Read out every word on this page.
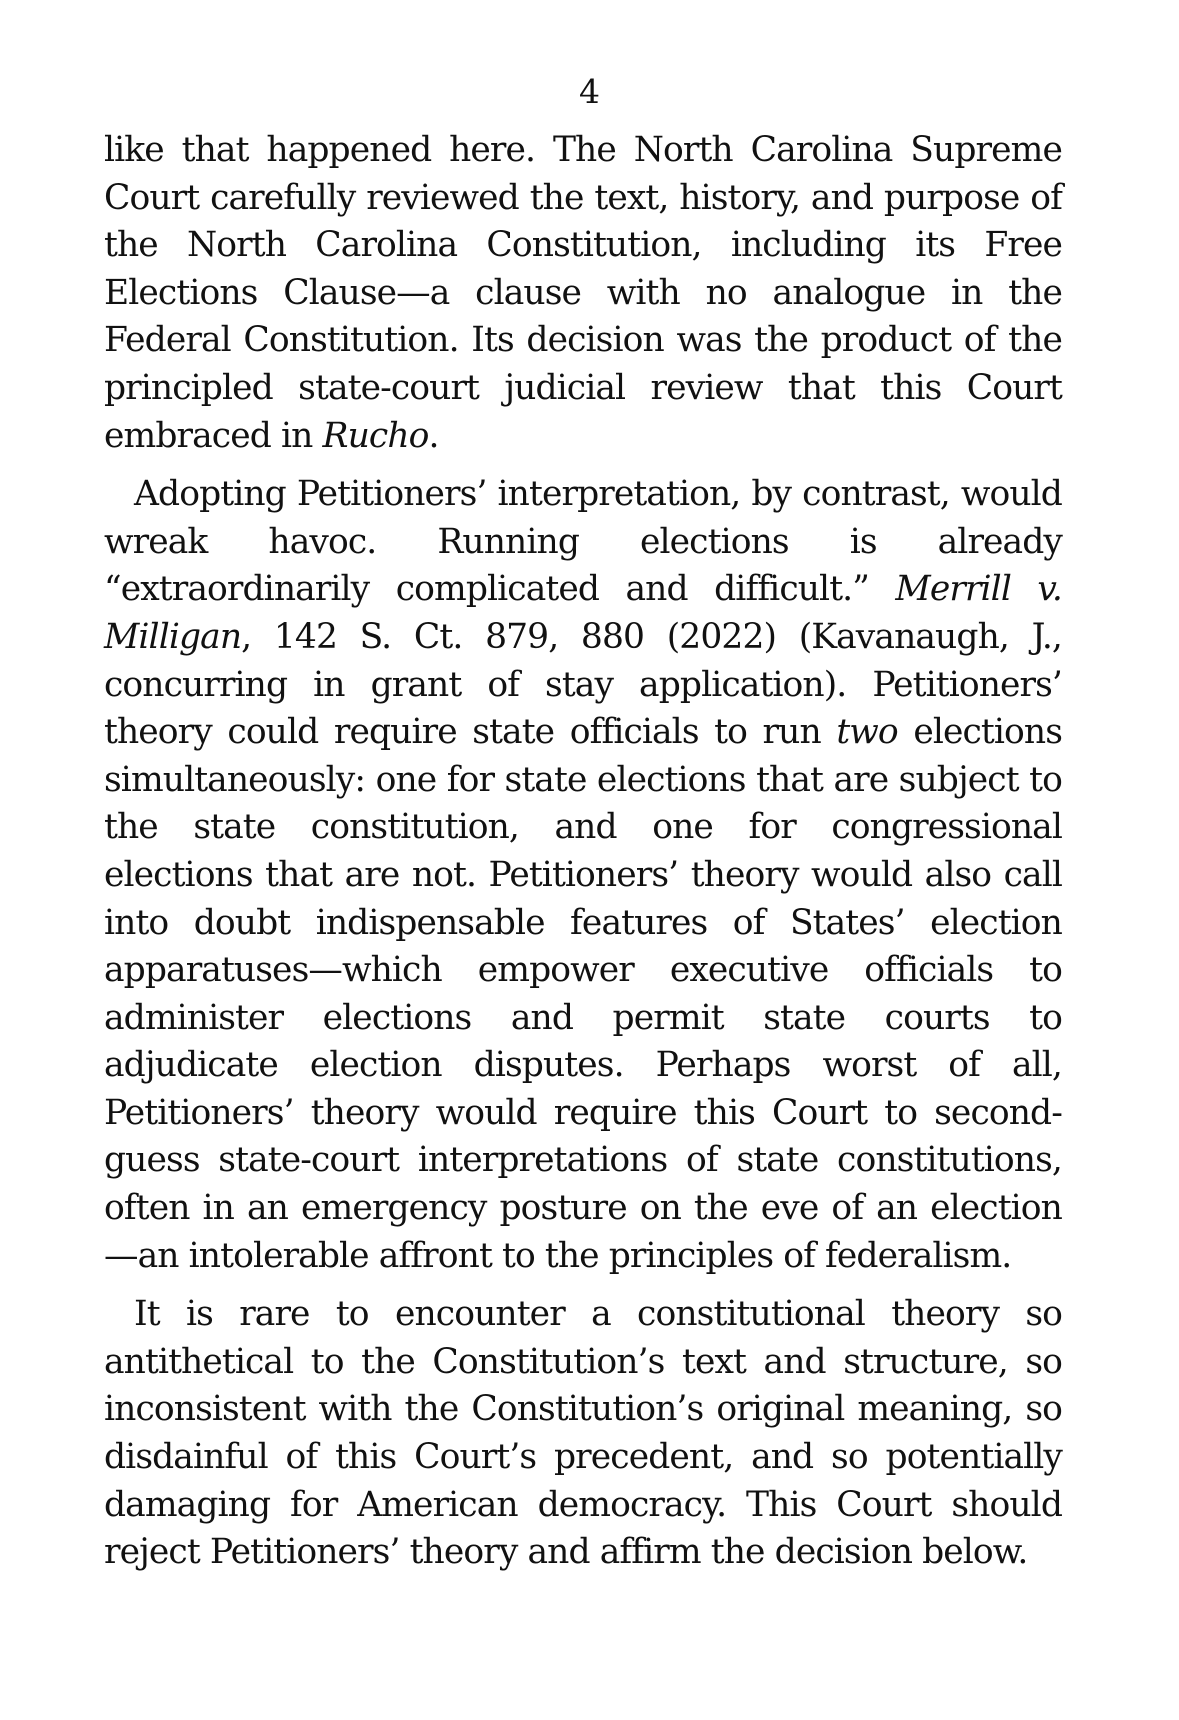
4

like that happened here. The North Carolina Supreme Court carefully reviewed the text, history, and purpose of the North Carolina Constitution, including its Free Elections Clause—a clause with no analogue in the Federal Constitution. Its decision was the product of the principled state-court judicial review that this Court embraced in Rucho.

Adopting Petitioners’ interpretation, by contrast, would wreak havoc. Running elections is already “extraordinarily complicated and difficult.” Merrill v. Milligan, 142 S. Ct. 879, 880 (2022) (Kavanaugh, J., concurring in grant of stay application). Petitioners’ theory could require state officials to run two elections simultaneously: one for state elections that are subject to the state constitution, and one for congressional elections that are not. Petitioners’ theory would also call into doubt indispensable features of States’ election apparatuses—which empower executive officials to administer elections and permit state courts to adjudicate election disputes. Perhaps worst of all, Petitioners’ theory would require this Court to second-guess state-court interpretations of state constitutions, often in an emergency posture on the eve of an election—an intolerable affront to the principles of federalism.

It is rare to encounter a constitutional theory so antithetical to the Constitution’s text and structure, so inconsistent with the Constitution’s original meaning, so disdainful of this Court’s precedent, and so potentially damaging for American democracy. This Court should reject Petitioners’ theory and affirm the decision below.
